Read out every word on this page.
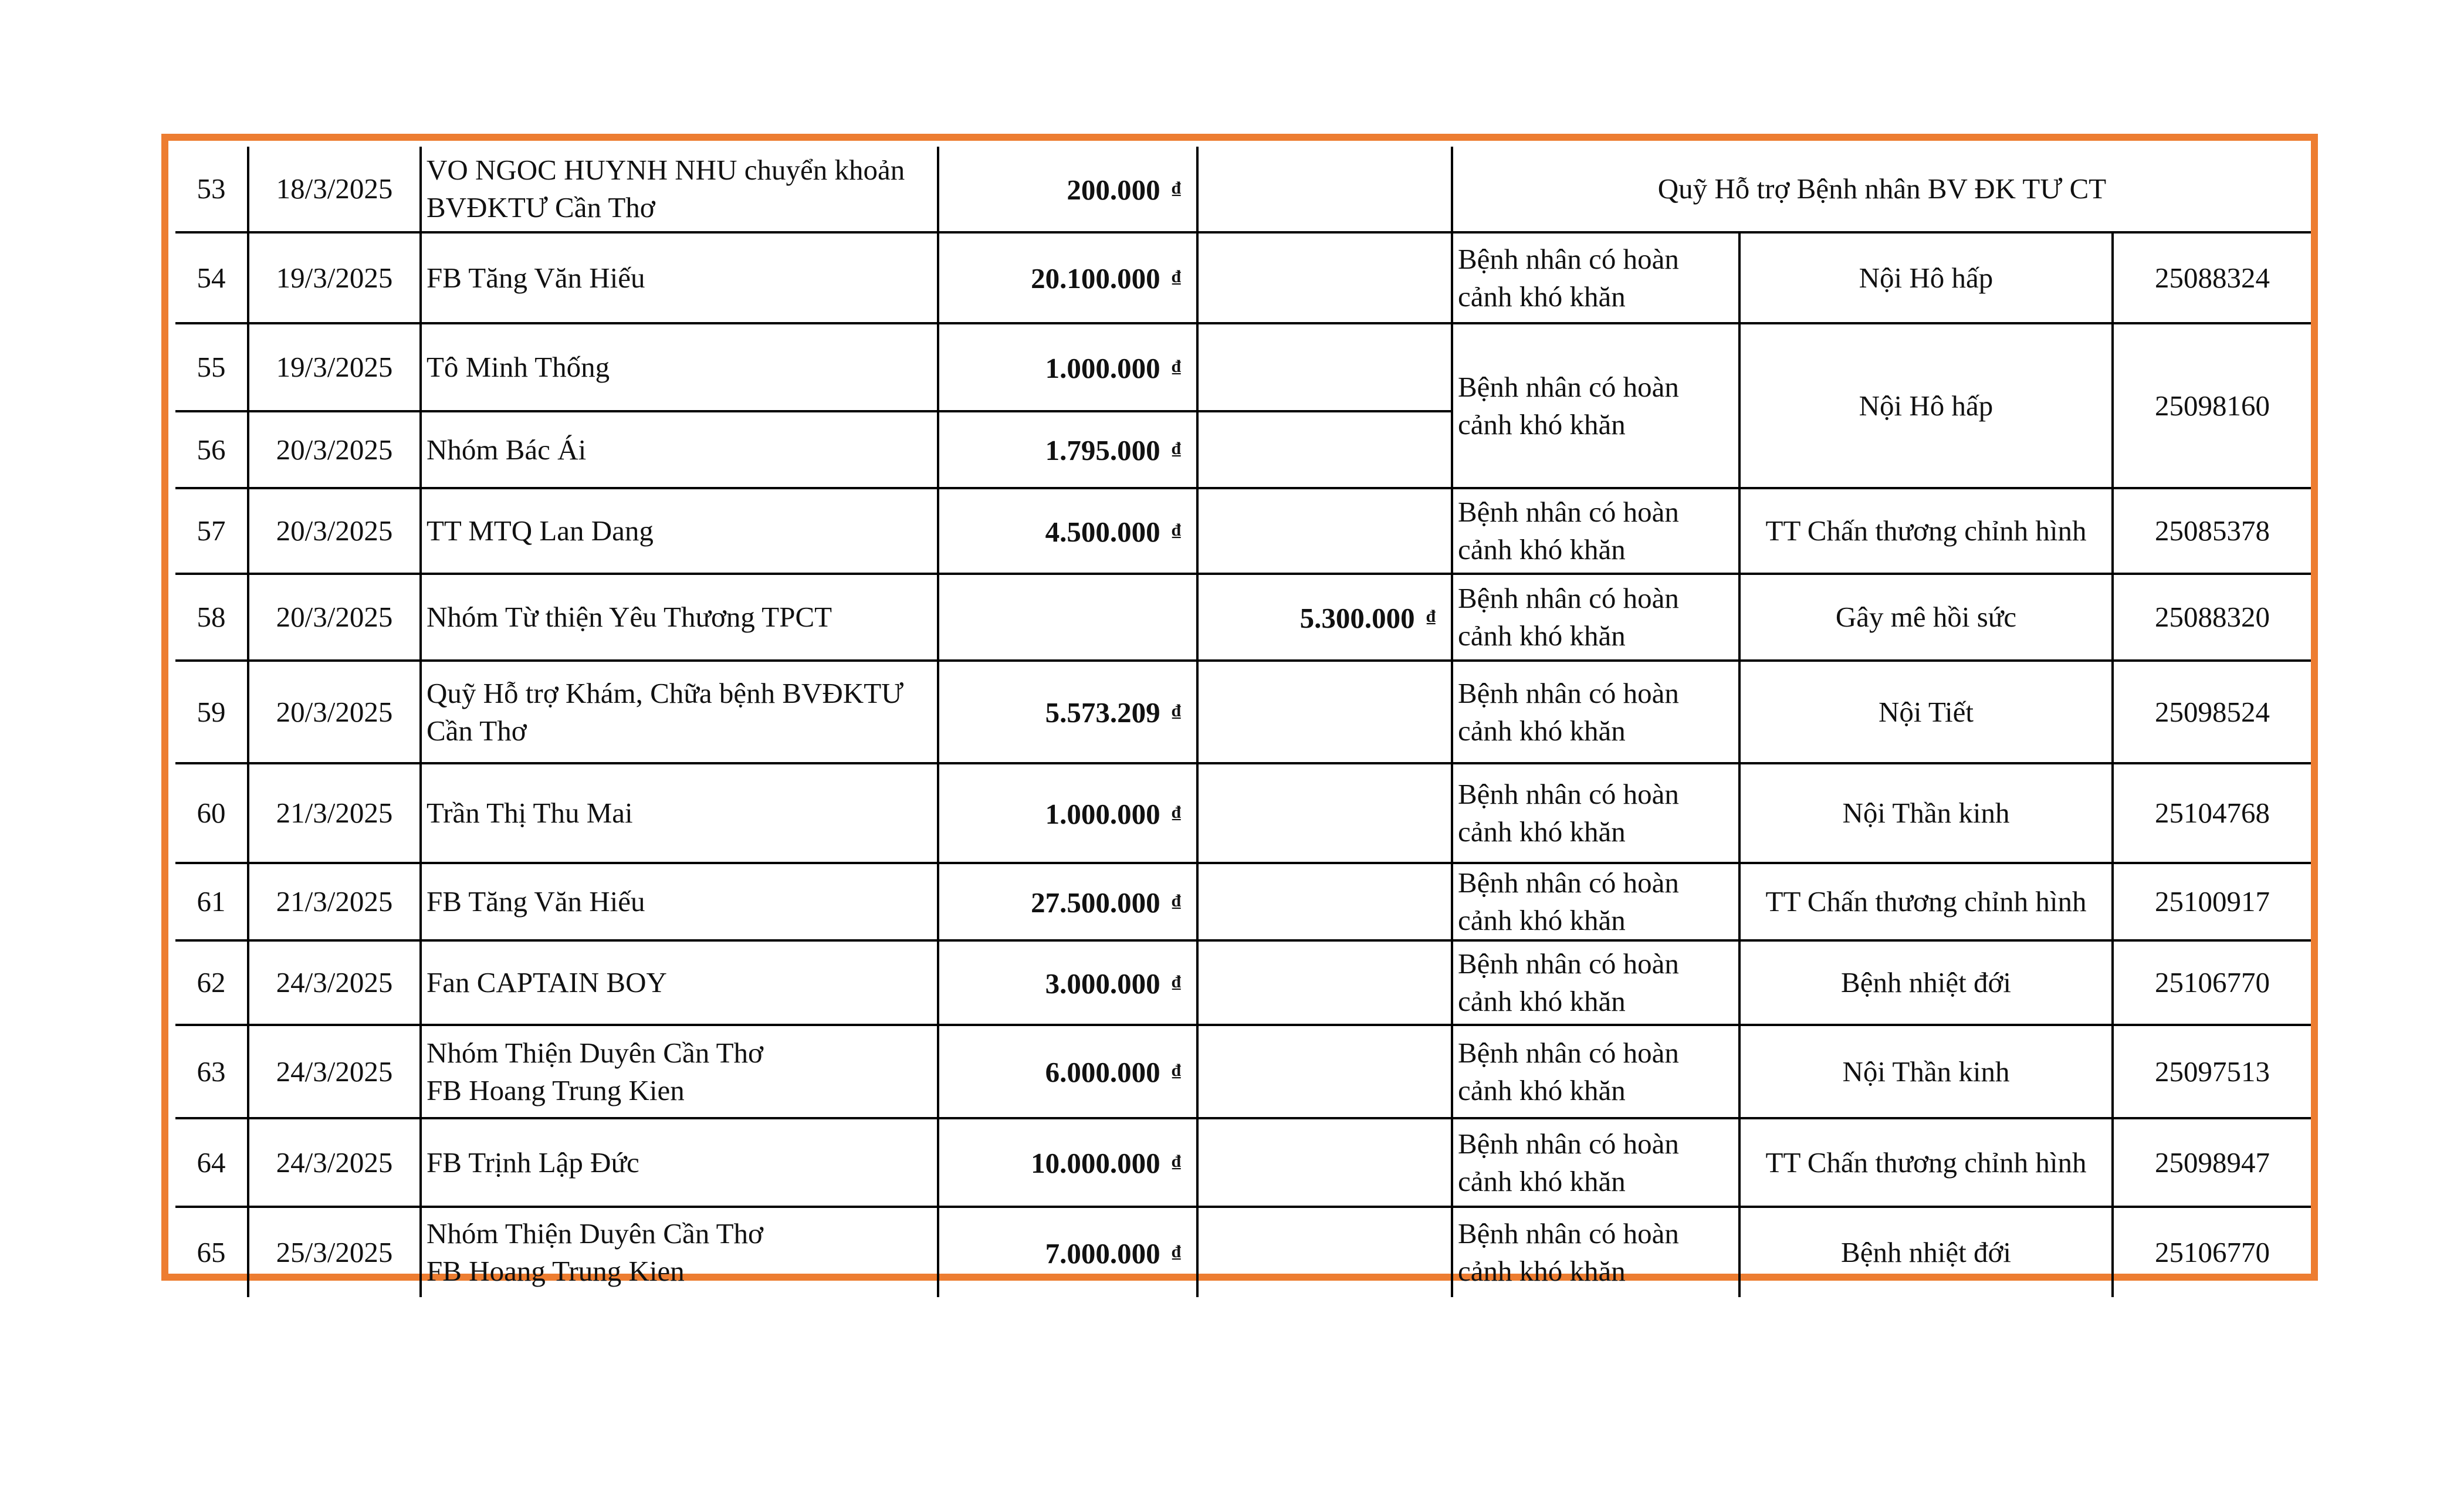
53	18/3/2025	VO NGOC HUYNH NHU chuyển khoản
BVĐKTƯ Cần Thơ	200.000 ₫		Quỹ Hỗ trợ Bệnh nhân BV ĐK TƯ CT		
54	19/3/2025	FB Tăng Văn Hiếu	20.100.000 ₫		Bệnh nhân có hoàn
cảnh khó khăn	Nội Hô hấp	25088324
55	19/3/2025	Tô Minh Thống	1.000.000 ₫		Bệnh nhân có hoàn
cảnh khó khăn	Nội Hô hấp	25098160
56	20/3/2025	Nhóm Bác Ái	1.795.000 ₫	
57	20/3/2025	TT MTQ Lan Dang	4.500.000 ₫		Bệnh nhân có hoàn
cảnh khó khăn	TT Chấn thương chỉnh hình	25085378
58	20/3/2025	Nhóm Từ thiện Yêu Thương TPCT		5.300.000 ₫	Bệnh nhân có hoàn
cảnh khó khăn	Gây mê hồi sức	25088320
59	20/3/2025	Quỹ Hỗ trợ Khám, Chữa bệnh BVĐKTƯ
Cần Thơ	5.573.209 ₫		Bệnh nhân có hoàn
cảnh khó khăn	Nội Tiết	25098524
60	21/3/2025	Trần Thị Thu Mai	1.000.000 ₫		Bệnh nhân có hoàn
cảnh khó khăn	Nội Thần kinh	25104768
61	21/3/2025	FB Tăng Văn Hiếu	27.500.000 ₫		Bệnh nhân có hoàn
cảnh khó khăn	TT Chấn thương chỉnh hình	25100917
62	24/3/2025	Fan CAPTAIN BOY	3.000.000 ₫		Bệnh nhân có hoàn
cảnh khó khăn	Bệnh nhiệt đới	25106770
63	24/3/2025	Nhóm Thiện Duyên Cần Thơ
FB Hoang Trung Kien	6.000.000 ₫		Bệnh nhân có hoàn
cảnh khó khăn	Nội Thần kinh	25097513
64	24/3/2025	FB Trịnh Lập Đức	10.000.000 ₫		Bệnh nhân có hoàn
cảnh khó khăn	TT Chấn thương chỉnh hình	25098947
65	25/3/2025	Nhóm Thiện Duyên Cần Thơ
FB Hoang Trung Kien	7.000.000 ₫		Bệnh nhân có hoàn
cảnh khó khăn	Bệnh nhiệt đới	25106770
